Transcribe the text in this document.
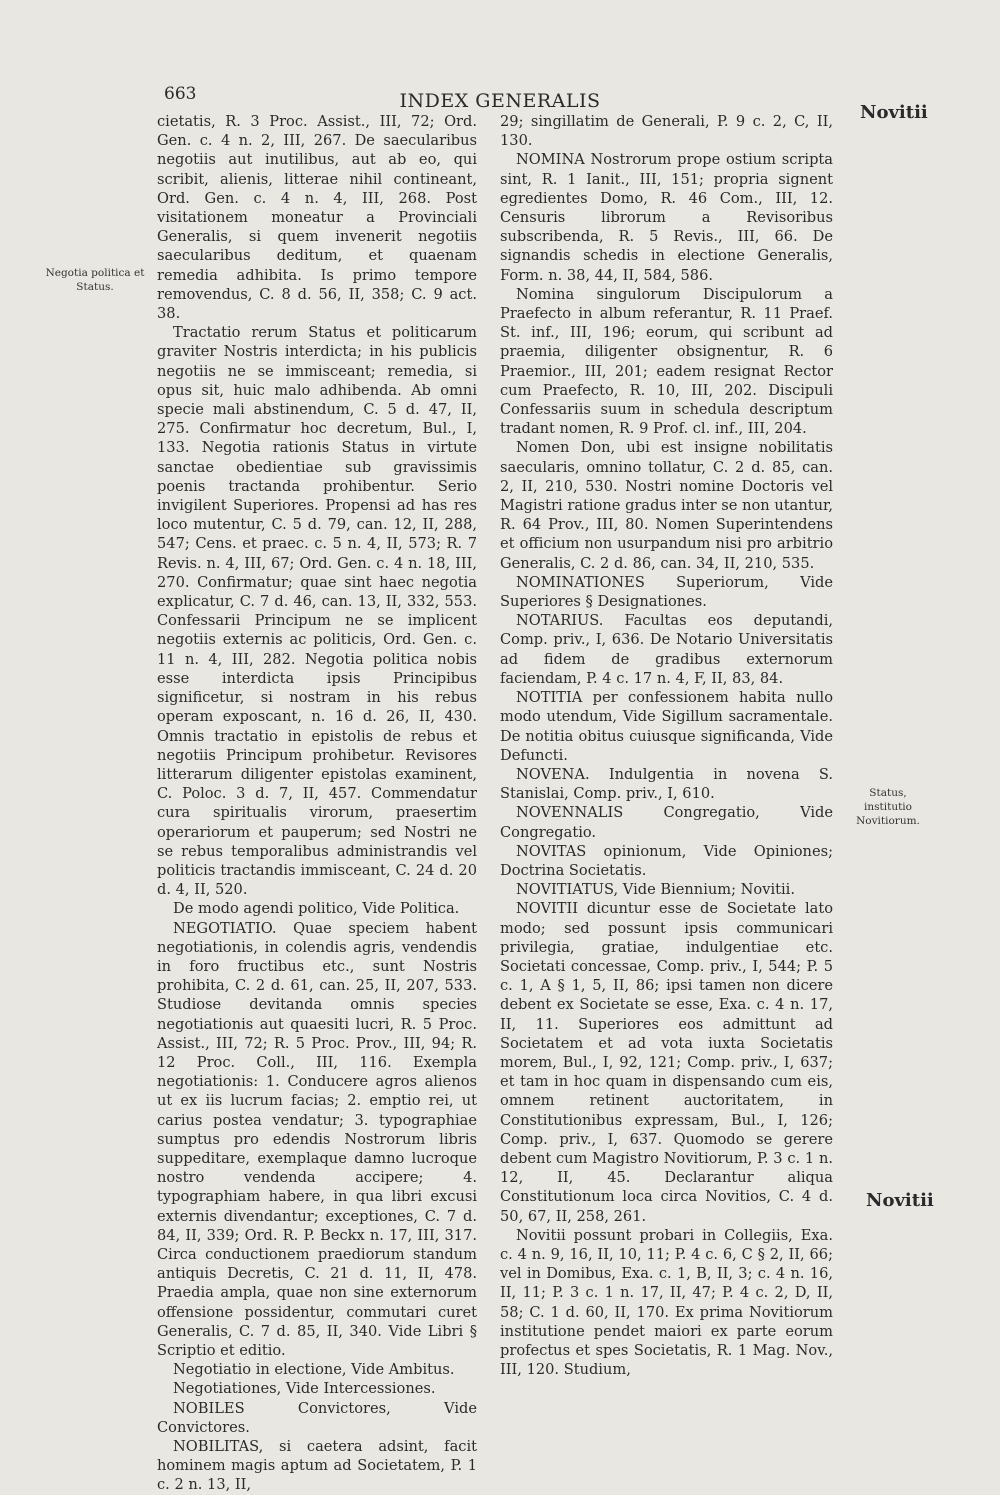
663	INDEX GENERALIS
Novitii
Negotia politica et Status.
Status, institutio Novitiorum.

cietatis, R. 3 Proc. Assist., III, 72; Ord. Gen. c. 4 n. 2, III, 267. De saecularibus negotiis aut inutilibus, aut ab eo, qui scribit, alienis, litterae nihil contineant, Ord. Gen. c. 4 n. 4, III, 268. Post visitationem moneatur a Provinciali Generalis, si quem invenerit negotiis saecularibus deditum, et quaenam remedia adhibita. Is primo tempore removendus, C. 8 d. 56, II, 358; C. 9 act. 38.

Tractatio rerum Status et politicarum graviter Nostris interdicta; in his publicis negotiis ne se immisceant; remedia, si opus sit, huic malo adhibenda. Ab omni specie mali abstinendum, C. 5 d. 47, II, 275. Confirmatur hoc decretum, Bul., I, 133. Negotia rationis Status in virtute sanctae obedientiae sub gravissimis poenis tractanda prohibentur. Serio invigilent Superiores. Propensi ad has res loco mutentur, C. 5 d. 79, can. 12, II, 288, 547; Cens. et praec. c. 5 n. 4, II, 573; R. 7 Revis. n. 4, III, 67; Ord. Gen. c. 4 n. 18, III, 270. Confirmatur; quae sint haec negotia explicatur, C. 7 d. 46, can. 13, II, 332, 553. Confessarii Principum ne se implicent negotiis externis ac politicis, Ord. Gen. c. 11 n. 4, III, 282. Negotia politica nobis esse interdicta ipsis Principibus significetur, si nostram in his rebus operam exposcant, n. 16 d. 26, II, 430. Omnis tractatio in epistolis de rebus et negotiis Principum prohibetur. Revisores litterarum diligenter epistolas examinent, C. Poloc. 3 d. 7, II, 457. Commendatur cura spiritualis virorum, praesertim operariorum et pauperum; sed Nostri ne se rebus temporalibus administrandis vel politicis tractandis immisceant, C. 24 d. 20 d. 4, II, 520.

De modo agendi politico, Vide Politica.

NEGOTIATIO. Quae speciem habent negotiationis, in colendis agris, vendendis in foro fructibus etc., sunt Nostris prohibita, C. 2 d. 61, can. 25, II, 207, 533. Studiose devitanda omnis species negotiationis aut quaesiti lucri, R. 5 Proc. Assist., III, 72; R. 5 Proc. Prov., III, 94; R. 12 Proc. Coll., III, 116. Exempla negotiationis: 1. Conducere agros alienos ut ex iis lucrum facias; 2. emptio rei, ut carius postea vendatur; 3. typographiae sumptus pro edendis Nostrorum libris suppeditare, exemplaque damno lucroque nostro vendenda accipere; 4. typographiam habere, in qua libri excusi externis divendantur; exceptiones, C. 7 d. 84, II, 339; Ord. R. P. Beckx n. 17, III, 317. Circa conductionem praediorum standum antiquis Decretis, C. 21 d. 11, II, 478. Praedia ampla, quae non sine externorum offensione possidentur, commutari curet Generalis, C. 7 d. 85, II, 340. Vide Libri § Scriptio et editio.

Negotiatio in electione, Vide Ambitus.

Negotiationes, Vide Intercessiones.

NOBILES Convictores, Vide Convictores.

NOBILITAS, si caetera adsint, facit hominem magis aptum ad Societatem, P. 1 c. 2 n. 13, II,

29; singillatim de Generali, P. 9 c. 2, C, II, 130.

NOMINA Nostrorum prope ostium scripta sint, R. 1 Ianit., III, 151; propria signent egredientes Domo, R. 46 Com., III, 12. Censuris librorum a Revisoribus subscribenda, R. 5 Revis., III, 66. De signandis schedis in electione Generalis, Form. n. 38, 44, II, 584, 586.

Nomina singulorum Discipulorum a Praefecto in album referantur, R. 11 Praef. St. inf., III, 196; eorum, qui scribunt ad praemia, diligenter obsignentur, R. 6 Praemior., III, 201; eadem resignat Rector cum Praefecto, R. 10, III, 202. Discipuli Confessariis suum in schedula descriptum tradant nomen, R. 9 Prof. cl. inf., III, 204.

Nomen Don, ubi est insigne nobilitatis saecularis, omnino tollatur, C. 2 d. 85, can. 2, II, 210, 530. Nostri nomine Doctoris vel Magistri ratione gradus inter se non utantur, R. 64 Prov., III, 80. Nomen Superintendens et officium non usurpandum nisi pro arbitrio Generalis, C. 2 d. 86, can. 34, II, 210, 535.

NOMINATIONES Superiorum, Vide Superiores § Designationes.

NOTARIUS. Facultas eos deputandi, Comp. priv., I, 636. De Notario Universitatis ad fidem de gradibus externorum faciendam, P. 4 c. 17 n. 4, F, II, 83, 84.

NOTITIA per confessionem habita nullo modo utendum, Vide Sigillum sacramentale. De notitia obitus cuiusque significanda, Vide Defuncti.

NOVENA. Indulgentia in novena S. Stanislai, Comp. priv., I, 610.

NOVENNALIS Congregatio, Vide Congregatio.

NOVITAS opinionum, Vide Opiniones; Doctrina Societatis.

NOVITIATUS, Vide Biennium; Novitii.

NOVITII dicuntur esse de Societate lato modo; sed possunt ipsis communicari privilegia, gratiae, indulgentiae etc. Societati concessae, Comp. priv., I, 544; P. 5 c. 1, A § 1, 5, II, 86; ipsi tamen non dicere debent ex Societate se esse, Exa. c. 4 n. 17, II, 11. Superiores eos admittunt ad Societatem et ad vota iuxta Societatis morem, Bul., I, 92, 121; Comp. priv., I, 637; et tam in hoc quam in dispensando cum eis, omnem retinent auctoritatem, in Constitutionibus expressam, Bul., I, 126; Comp. priv., I, 637. Quomodo se gerere debent cum Magistro Novitiorum, P. 3 c. 1 n. 12, II, 45. Declarantur aliqua Constitutionum loca circa Novitios, C. 4 d. 50, 67, II, 258, 261.

Novitii possunt probari in Collegiis, Exa. c. 4 n. 9, 16, II, 10, 11; P. 4 c. 6, C § 2, II, 66; vel in Domibus, Exa. c. 1, B, II, 3; c. 4 n. 16, II, 11; P. 3 c. 1 n. 17, II, 47; P. 4 c. 2, D, II, 58; C. 1 d. 60, II, 170. Ex prima Novitiorum institutione pendet maiori ex parte eorum profectus et spes Societatis, R. 1 Mag. Nov., III, 120. Studium,

Novitii
